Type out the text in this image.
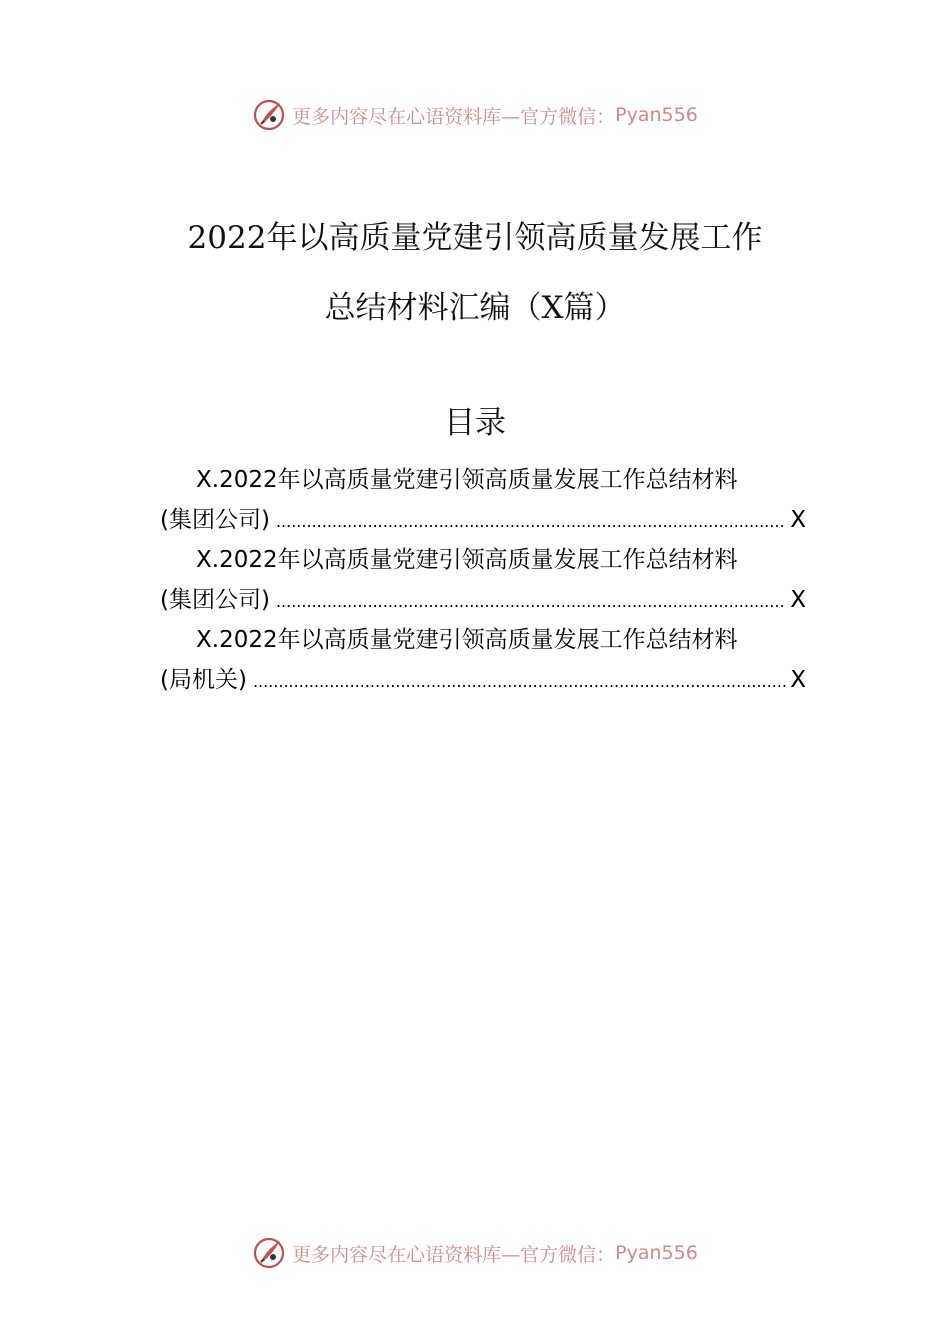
更多内容尽在心语资料库—官方微信： Pyan556
2022年以高质量党建引领高质量发展工作
总结材料汇编（X篇）
目录
X.2022年以高质量党建引领高质量发展工作总结材料
(集团公司) .....	X
X.2022年以高质量党建引领高质量发展工作总结材料
(集团公司) .....	X
X.2022年以高质量党建引领高质量发展工作总结材料
(局机关) .....	X
更多内容尽在心语资料库—官方微信： Pyan556
